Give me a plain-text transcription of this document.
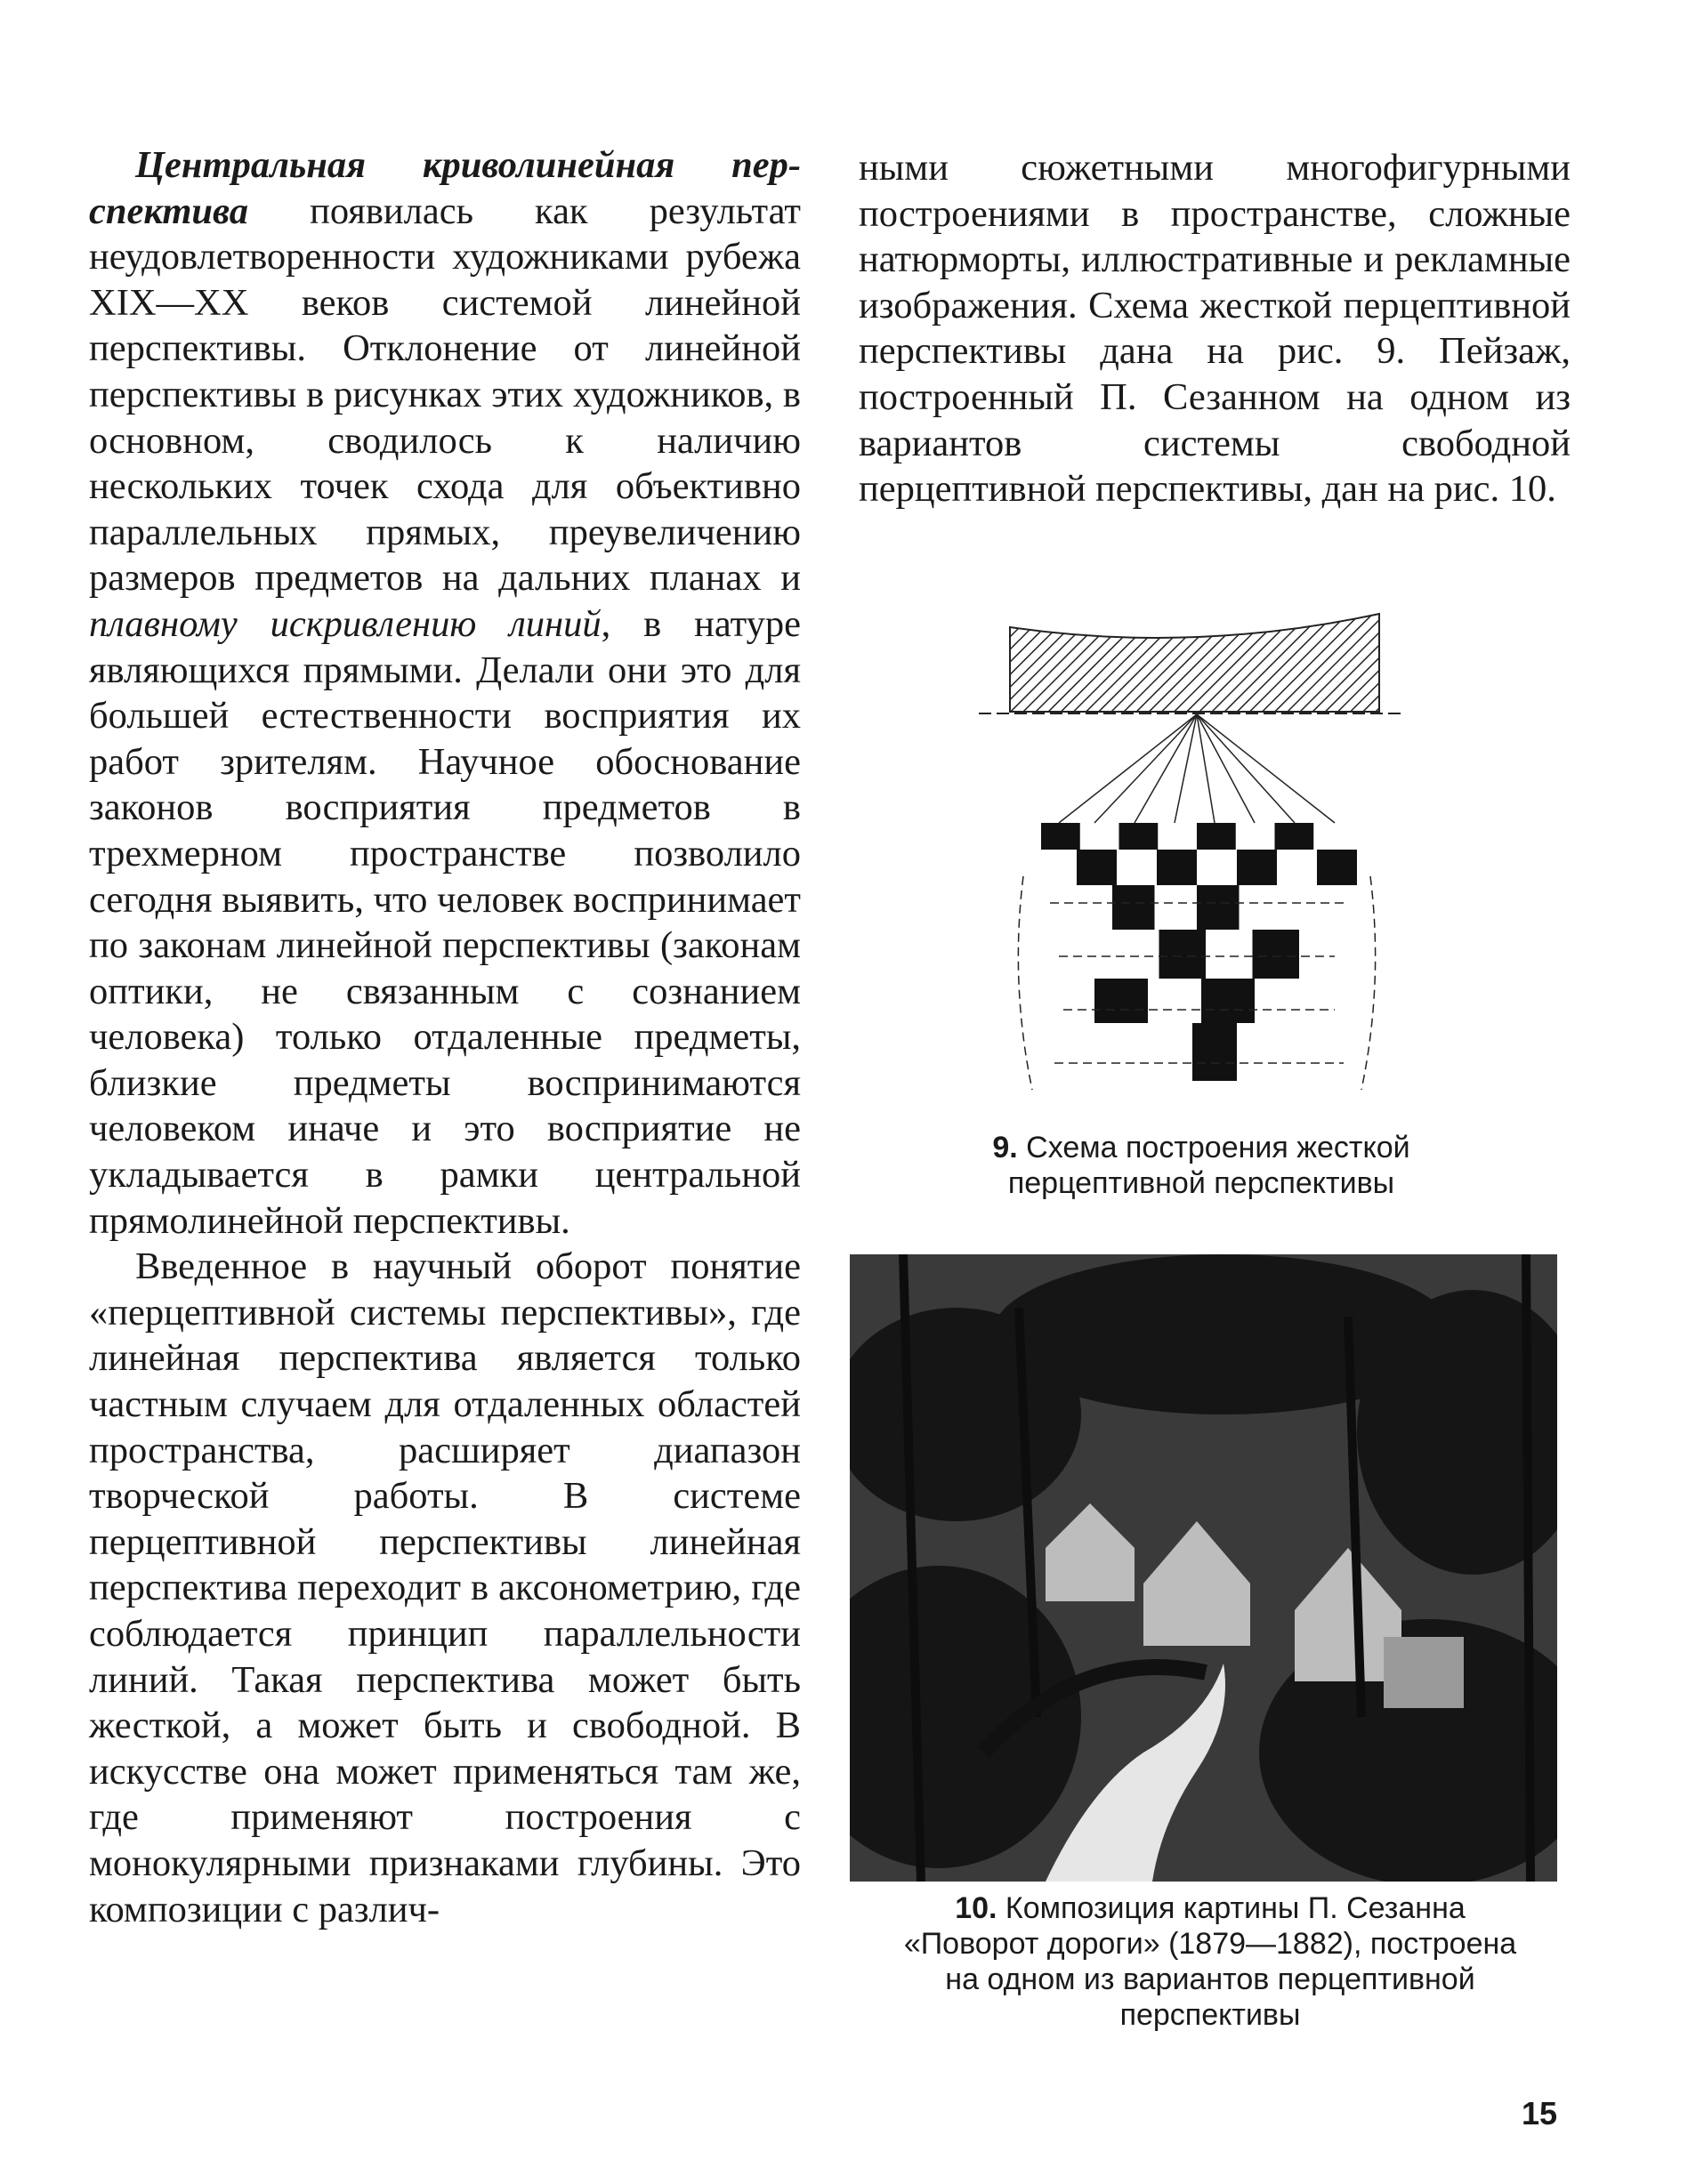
Центральная криволинейная пер-спектива появилась как результат неудовлетворенности художниками рубежа XIX—XX веков системой линейной перспективы. Отклонение от линейной перспективы в рисунках этих художников, в основном, сводилось к наличию нескольких точек схода для объективно параллельных прямых, преувеличению размеров предметов на дальних планах и плавному искривлению линий, в натуре являющихся прямыми. Делали они это для большей естественности восприятия их работ зрителям. Научное обоснование законов восприятия предметов в трехмерном пространстве позволило сегодня выявить, что человек воспринимает по законам линейной перспективы (законам оптики, не связанным с сознанием человека) только отдаленные предметы, близкие предметы воспринимаются человеком иначе и это восприятие не укладывается в рамки центральной прямолинейной перспективы.

Введенное в научный оборот понятие «перцептивной системы перспективы», где линейная перспектива является только частным случаем для отдаленных областей пространства, расширяет диапазон творческой работы. В системе перцептивной перспективы линейная перспектива переходит в аксонометрию, где соблюдается принцип параллельности линий. Такая перспектива может быть жесткой, а может быть и свободной. В искусстве она может применяться там же, где применяют построения с монокулярными признаками глубины. Это композиции с различ-

ными сюжетными многофигурными построениями в пространстве, сложные натюрморты, иллюстративные и рекламные изображения. Схема жесткой перцептивной перспективы дана на рис. 9. Пейзаж, построенный П. Сезанном на одном из вариантов системы свободной перцептивной перспективы, дан на рис. 10.

9. Схема построения жесткой
перцептивной перспективы
10. Композиция картины П. Сезанна
«Поворот дороги» (1879—1882), построена
на одном из вариантов перцептивной
перспективы
15
